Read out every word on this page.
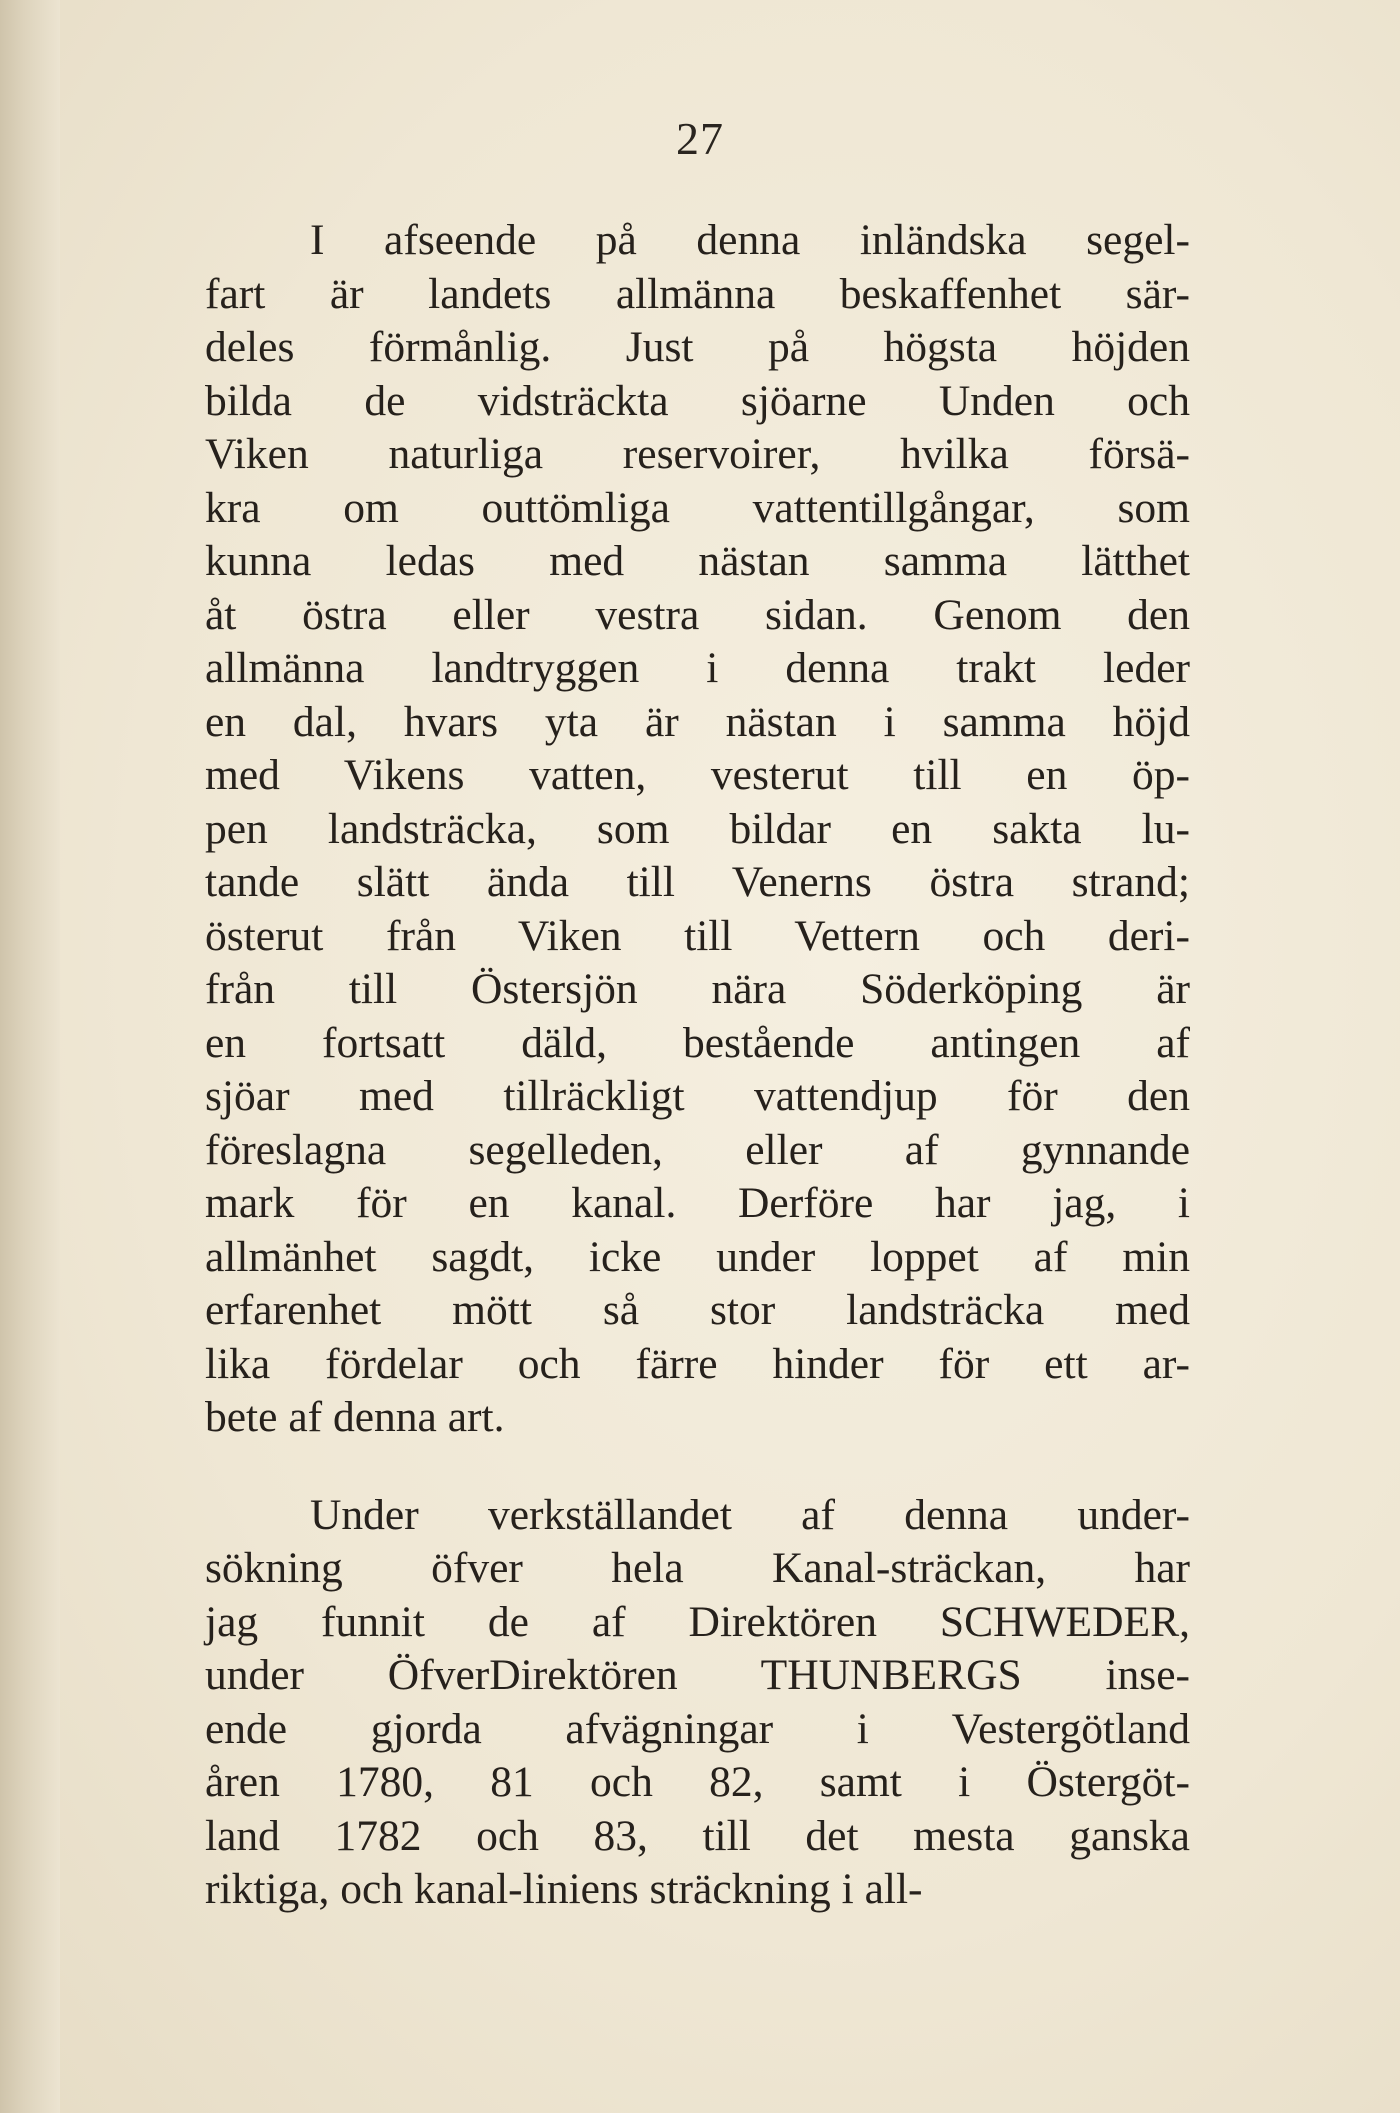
27
I afseende på denna inländska segel-
fart är landets allmänna beskaffenhet sär-
deles förmånlig. Just på högsta höjden
bilda de vidsträckta sjöarne Unden och
Viken naturliga reservoirer, hvilka försä-
kra om outtömliga vattentillgångar, som
kunna ledas med nästan samma lätthet
åt östra eller vestra sidan. Genom den
allmänna landtryggen i denna trakt leder
en dal, hvars yta är nästan i samma höjd
med Vikens vatten, vesterut till en öp-
pen landsträcka, som bildar en sakta lu-
tande slätt ända till Venerns östra strand;
österut från Viken till Vettern och deri-
från till Östersjön nära Söderköping är
en fortsatt däld, bestående antingen af
sjöar med tillräckligt vattendjup för den
föreslagna segelleden, eller af gynnande
mark för en kanal. Derföre har jag, i
allmänhet sagdt, icke under loppet af min
erfarenhet mött så stor landsträcka med
lika fördelar och färre hinder för ett ar-
bete af denna art.
Under verkställandet af denna under-
sökning öfver hela Kanal-sträckan, har
jag funnit de af Direktören SCHWEDER,
under ÖfverDirektören THUNBERGS inse-
ende gjorda afvägningar i Vestergötland
åren 1780, 81 och 82, samt i Östergöt-
land 1782 och 83, till det mesta ganska
riktiga, och kanal-liniens sträckning i all-
